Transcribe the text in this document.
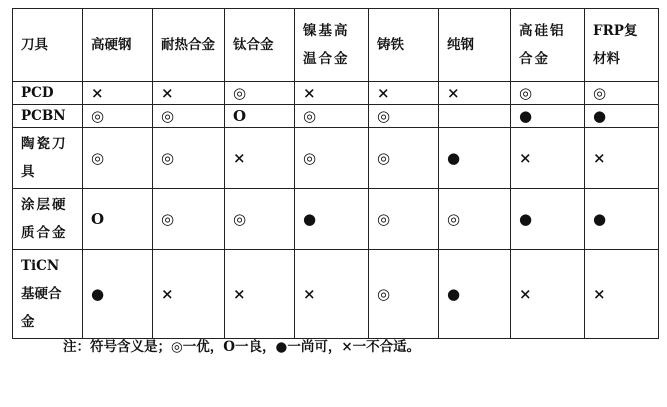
刀具	高硬钢	耐热合金	钛合金	镍基高温合金	铸铁	纯钢	高硅铝合金	FRP复材料
PCD	×	×	◎	×	×	×	◎	◎
PCBN	◎	◎	O	◎	◎		●	●
陶瓷刀具	◎	◎	×	◎	◎	●	×	×
涂层硬质合金	O	◎	◎	●	◎	◎	●	●
TiCN 基硬合金	●	×	×	×	◎	●	×	×
注：符号含义是；◎一优，O一良，●一尚可，×一不合适。
